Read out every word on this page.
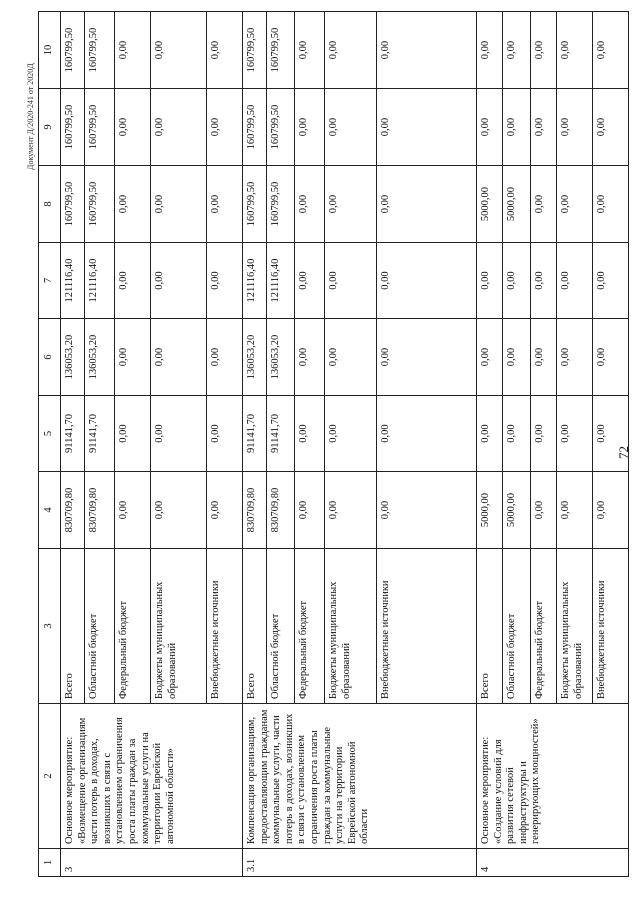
Документ Д/2020-241 от 2020Д
1	2	3	4	5	6	7	8	9	10
3	Основное мероприятие: «Возмещение организациям части потерь в доходах, возникших в связи с установлением ограничения роста платы граждан за коммунальные услуги на территории Еврейской автономной области»	Всего	830709,80	91141,70	136053,20	121116,40	160799,50	160799,50	160799,50
		Областной бюджет	830709,80	91141,70	136053,20	121116,40	160799,50	160799,50	160799,50
		Федеральный бюджет	0,00	0,00	0,00	0,00	0,00	0,00	0,00
		Бюджеты муниципальных образований	0,00	0,00	0,00	0,00	0,00	0,00	0,00
		Внебюджетные источники	0,00	0,00	0,00	0,00	0,00	0,00	0,00
3.1	Компенсация организациям, предоставляющим гражданам коммунальные услуги, части потерь в доходах, возникших в связи с установлением ограничения роста платы граждан за коммунальные услуги на территории Еврейской автономной области	Всего	830709,80	91141,70	136053,20	121116,40	160799,50	160799,50	160799,50
		Областной бюджет	830709,80	91141,70	136053,20	121116,40	160799,50	160799,50	160799,50
		Федеральный бюджет	0,00	0,00	0,00	0,00	0,00	0,00	0,00
		Бюджеты муниципальных образований	0,00	0,00	0,00	0,00	0,00	0,00	0,00
		Внебюджетные источники	0,00	0,00	0,00	0,00	0,00	0,00	0,00
4	Основное мероприятие: «Создание условий для развития сетевой инфраструктуры и генерирующих мощностей»	Всего	5000,00	0,00	0,00	0,00	5000,00	0,00	0,00
		Областной бюджет	5000,00	0,00	0,00	0,00	5000,00	0,00	0,00
		Федеральный бюджет	0,00	0,00	0,00	0,00	0,00	0,00	0,00
		Бюджеты муниципальных образований	0,00	0,00	0,00	0,00	0,00	0,00	0,00
		Внебюджетные источники	0,00	0,00	0,00	0,00	0,00	0,00	0,00
72
